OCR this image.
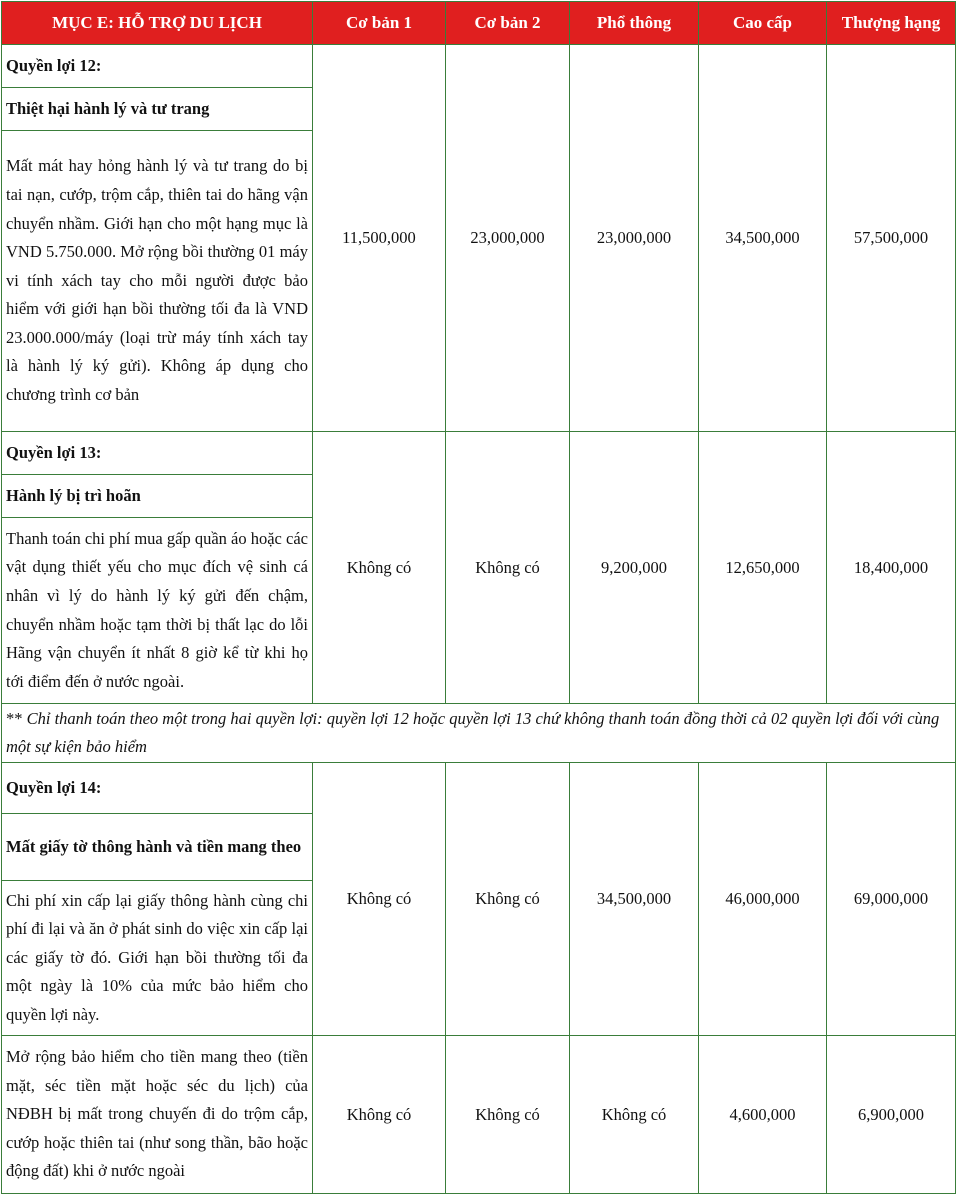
MỤC E: HỖ TRỢ DU LỊCH	Cơ bản 1	Cơ bản 2	Phổ thông	Cao cấp	Thượng hạng
Quyền lợi 12:	11,500,000	23,000,000	23,000,000	34,500,000	57,500,000
Thiệt hại hành lý và tư trang					
Mất mát hay hỏng hành lý và tư trang do bị tai nạn, cướp, trộm cắp, thiên tai do hãng vận chuyển nhầm. Giới hạn cho một hạng mục là VND 5.750.000. Mở rộng bồi thường 01 máy vi tính xách tay cho mỗi người được bảo hiểm với giới hạn bồi thường tối đa là VND 23.000.000/máy (loại trừ máy tính xách tay là hành lý ký gửi). Không áp dụng cho chương trình cơ bản					
Quyền lợi 13:	Không có	Không có	9,200,000	12,650,000	18,400,000
Hành lý bị trì hoãn					
Thanh toán chi phí mua gấp quần áo hoặc các vật dụng thiết yếu cho mục đích vệ sinh cá nhân vì lý do hành lý ký gửi đến chậm, chuyển nhầm hoặc tạm thời bị thất lạc do lỗi Hãng vận chuyển ít nhất 8 giờ kể từ khi họ tới điểm đến ở nước ngoài.					
** Chỉ thanh toán theo một trong hai quyền lợi: quyền lợi 12 hoặc quyền lợi 13 chứ không thanh toán đồng thời cả 02 quyền lợi đối với cùng một sự kiện bảo hiểm					
Quyền lợi 14:	Không có	Không có	34,500,000	46,000,000	69,000,000
Mất giấy tờ thông hành và tiền mang theo					
Chi phí xin cấp lại giấy thông hành cùng chi phí đi lại và ăn ở phát sinh do việc xin cấp lại các giấy tờ đó. Giới hạn bồi thường tối đa một ngày là 10% của mức bảo hiểm cho quyền lợi này.					
Mở rộng bảo hiểm cho tiền mang theo (tiền mặt, séc tiền mặt hoặc séc du lịch) của NĐBH bị mất trong chuyến đi do trộm cắp, cướp hoặc thiên tai (như song thần, bão hoặc động đất) khi ở nước ngoài	Không có	Không có	Không có	4,600,000	6,900,000
